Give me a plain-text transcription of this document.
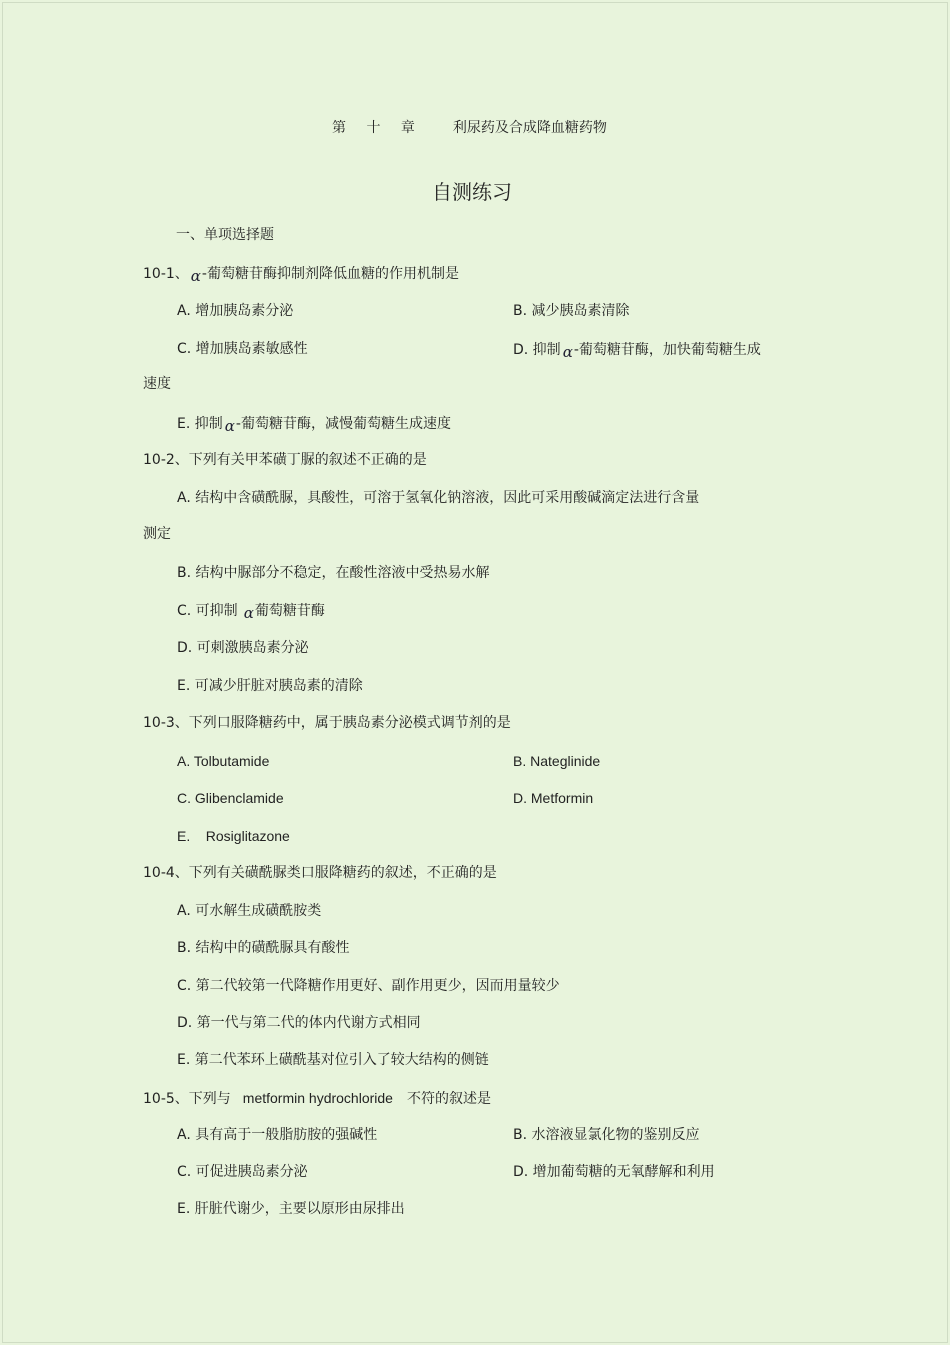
第 十 章 利尿药及合成降血糖药物
自测练习
一、单项选择题
10-1、 α-葡萄糖苷酶抑制剂降低血糖的作用机制是
A. 增加胰岛素分泌	B. 减少胰岛素清除
C. 增加胰岛素敏感性	D. 抑制 α-葡萄糖苷酶，加快葡萄糖生成
速度
E. 抑制 α-葡萄糖苷酶，减慢葡萄糖生成速度
10-2、下列有关甲苯磺丁脲的叙述不正确的是
A. 结构中含磺酰脲，具酸性，可溶于氢氧化钠溶液，因此可采用酸碱滴定法进行含量
测定
B. 结构中脲部分不稳定，在酸性溶液中受热易水解
C. 可抑制 α葡萄糖苷酶
D. 可刺激胰岛素分泌
E. 可减少肝脏对胰岛素的清除
10-3、下列口服降糖药中，属于胰岛素分泌模式调节剂的是
A. Tolbutamide	B. Nateglinide
C. Glibenclamide	D. Metformin
E.    Rosiglitazone
10-4、下列有关磺酰脲类口服降糖药的叙述，不正确的是
A. 可水解生成磺酰胺类
B. 结构中的磺酰脲具有酸性
C. 第二代较第一代降糖作用更好、副作用更少，因而用量较少
D. 第一代与第二代的体内代谢方式相同
E. 第二代苯环上磺酰基对位引入了较大结构的侧链
10-5、下列与 metformin hydrochloride 不符的叙述是
A. 具有高于一般脂肪胺的强碱性	B. 水溶液显氯化物的鉴别反应
C. 可促进胰岛素分泌	D. 增加葡萄糖的无氧酵解和利用
E. 肝脏代谢少，主要以原形由尿排出
